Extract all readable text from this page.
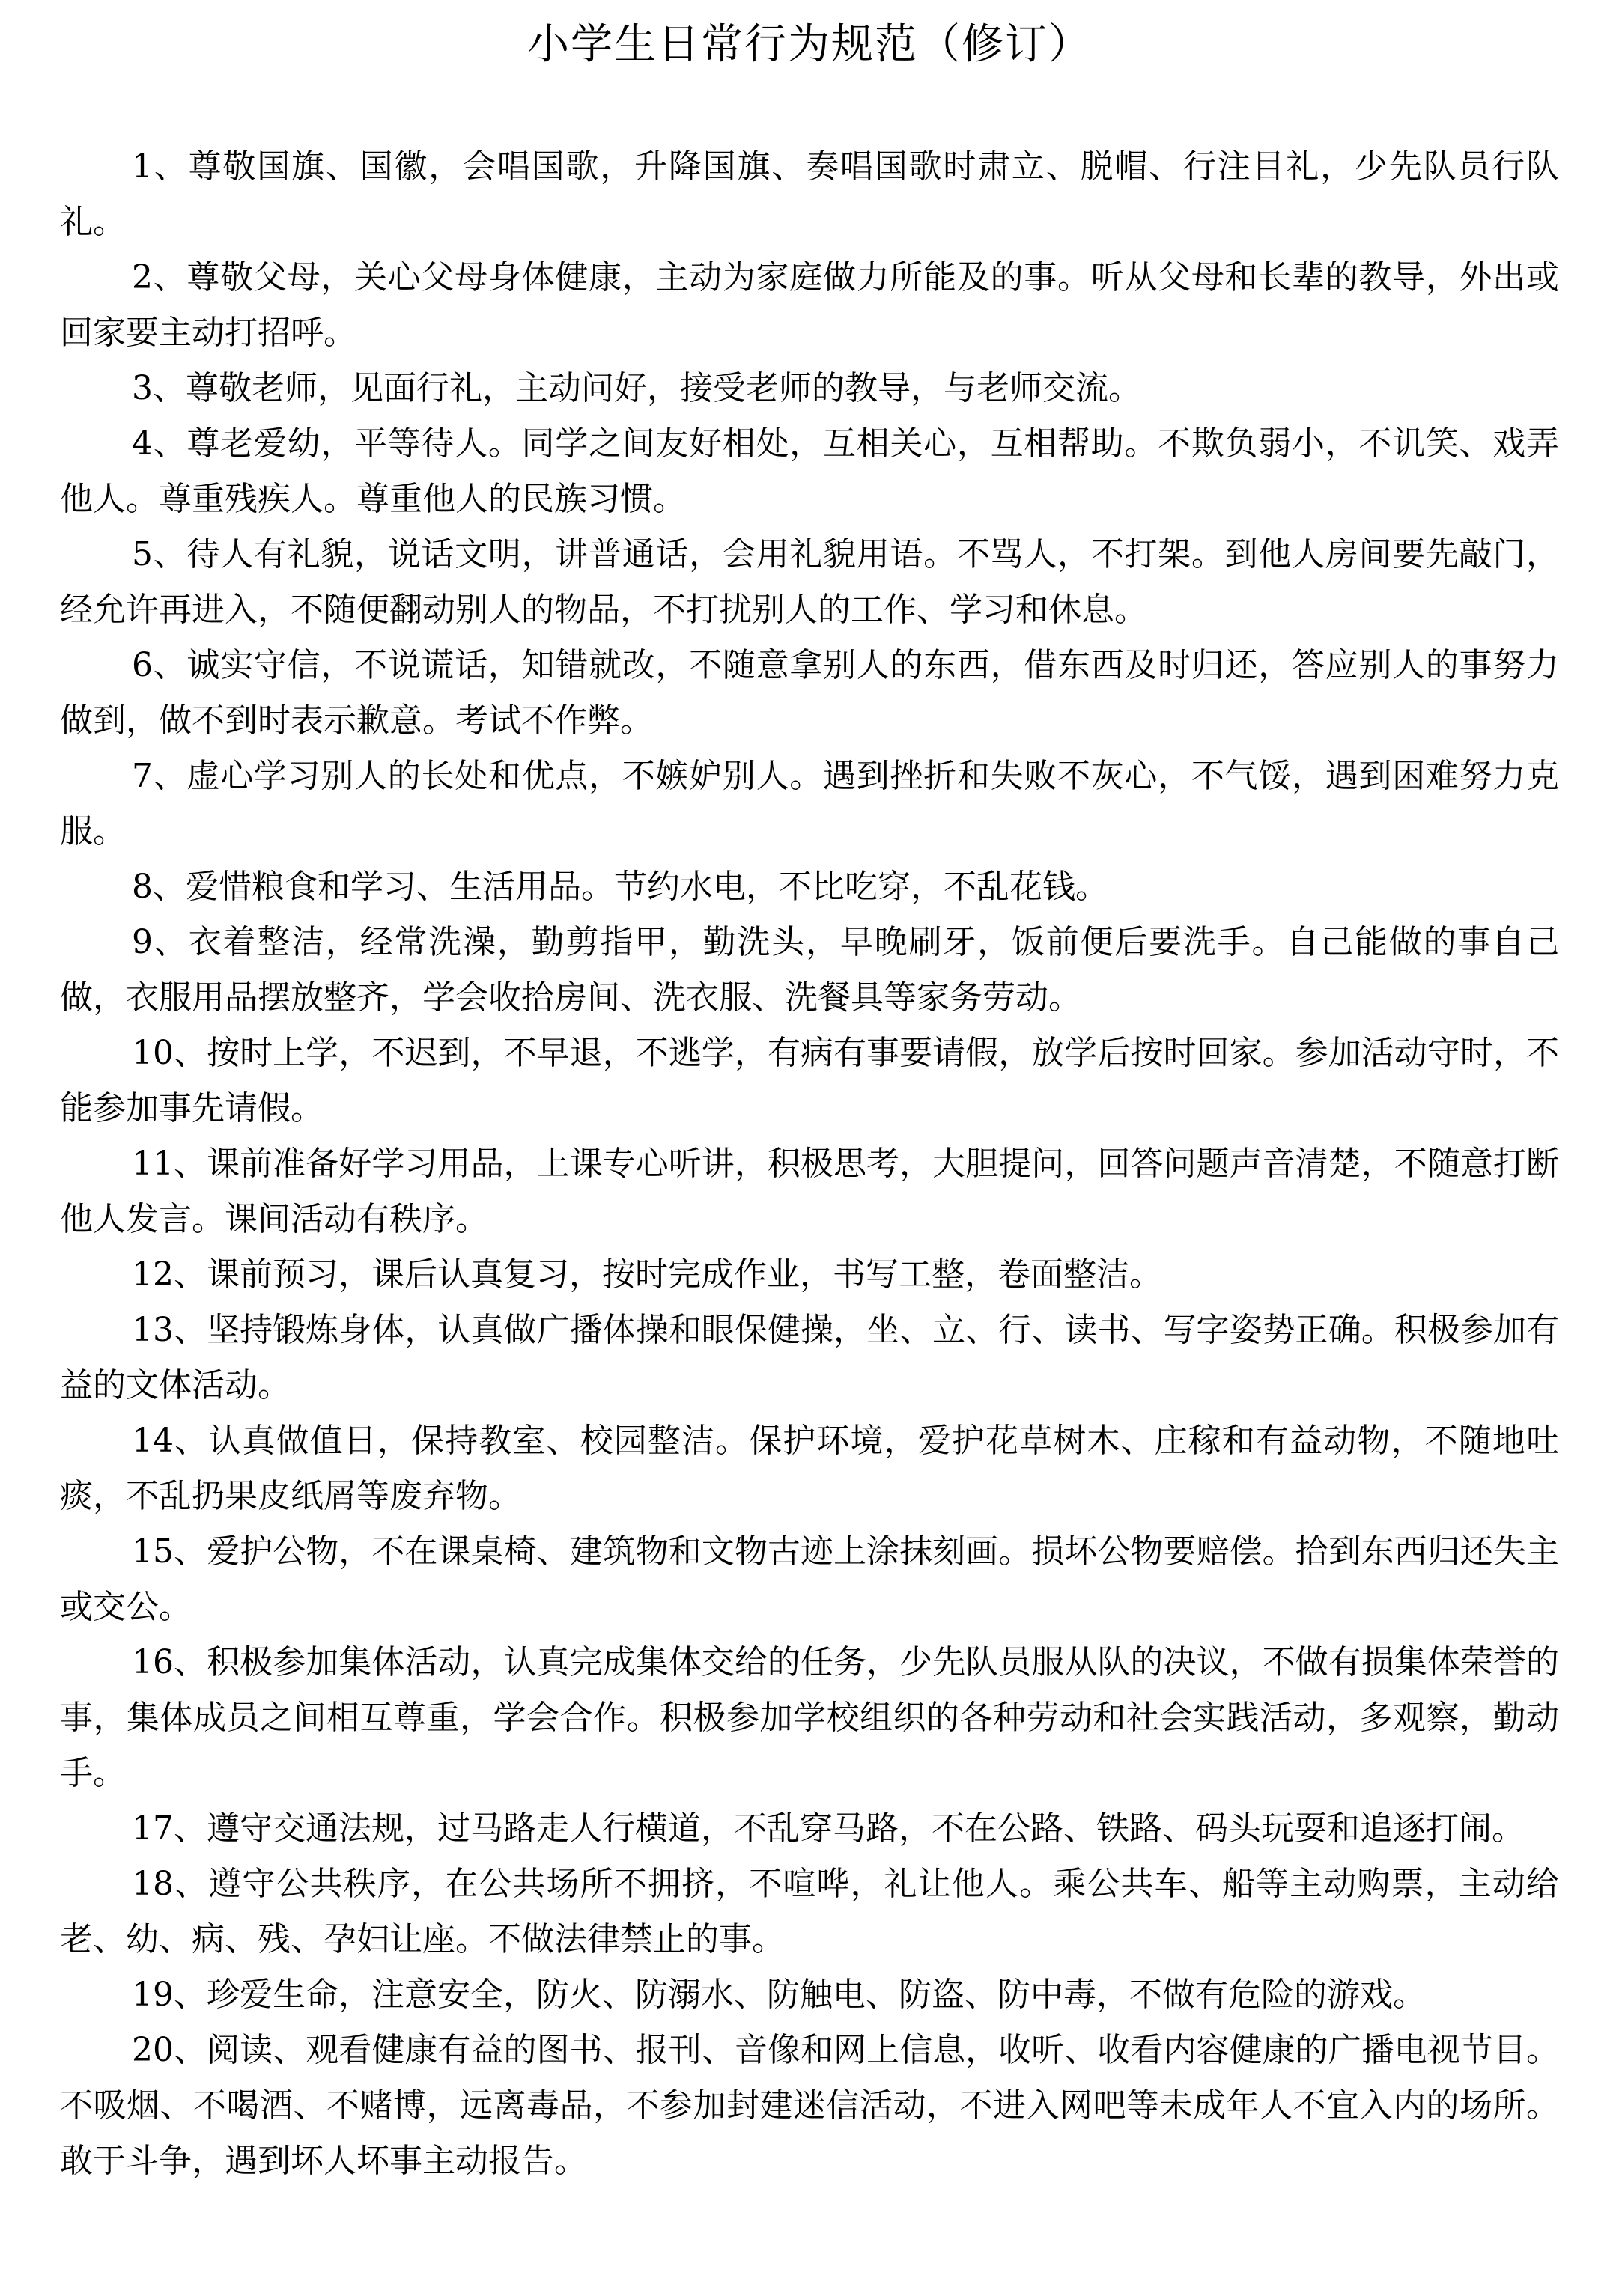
小学生日常行为规范（修订）

1、尊敬国旗、国徽，会唱国歌，升降国旗、奏唱国歌时肃立、脱帽、行注目礼，少先队员行队礼。

2、尊敬父母，关心父母身体健康，主动为家庭做力所能及的事。听从父母和长辈的教导，外出或回家要主动打招呼。

3、尊敬老师，见面行礼，主动问好，接受老师的教导，与老师交流。

4、尊老爱幼，平等待人。同学之间友好相处，互相关心，互相帮助。不欺负弱小，不讥笑、戏弄他人。尊重残疾人。尊重他人的民族习惯。

5、待人有礼貌，说话文明，讲普通话，会用礼貌用语。不骂人，不打架。到他人房间要先敲门，经允许再进入，不随便翻动别人的物品，不打扰别人的工作、学习和休息。

6、诚实守信，不说谎话，知错就改，不随意拿别人的东西，借东西及时归还，答应别人的事努力做到，做不到时表示歉意。考试不作弊。

7、虚心学习别人的长处和优点，不嫉妒别人。遇到挫折和失败不灰心，不气馁，遇到困难努力克服。

8、爱惜粮食和学习、生活用品。节约水电，不比吃穿，不乱花钱。

9、衣着整洁，经常洗澡，勤剪指甲，勤洗头，早晚刷牙，饭前便后要洗手。自己能做的事自己做，衣服用品摆放整齐，学会收拾房间、洗衣服、洗餐具等家务劳动。

10、按时上学，不迟到，不早退，不逃学，有病有事要请假，放学后按时回家。参加活动守时，不能参加事先请假。

11、课前准备好学习用品，上课专心听讲，积极思考，大胆提问，回答问题声音清楚，不随意打断他人发言。课间活动有秩序。

12、课前预习，课后认真复习，按时完成作业，书写工整，卷面整洁。

13、坚持锻炼身体，认真做广播体操和眼保健操，坐、立、行、读书、写字姿势正确。积极参加有益的文体活动。

14、认真做值日，保持教室、校园整洁。保护环境，爱护花草树木、庄稼和有益动物，不随地吐痰，不乱扔果皮纸屑等废弃物。

15、爱护公物，不在课桌椅、建筑物和文物古迹上涂抹刻画。损坏公物要赔偿。拾到东西归还失主或交公。

16、积极参加集体活动，认真完成集体交给的任务，少先队员服从队的决议，不做有损集体荣誉的事，集体成员之间相互尊重，学会合作。积极参加学校组织的各种劳动和社会实践活动，多观察，勤动手。

17、遵守交通法规，过马路走人行横道，不乱穿马路，不在公路、铁路、码头玩耍和追逐打闹。

18、遵守公共秩序，在公共场所不拥挤，不喧哗，礼让他人。乘公共车、船等主动购票，主动给老、幼、病、残、孕妇让座。不做法律禁止的事。

19、珍爱生命，注意安全，防火、防溺水、防触电、防盗、防中毒，不做有危险的游戏。

20、阅读、观看健康有益的图书、报刊、音像和网上信息，收听、收看内容健康的广播电视节目。不吸烟、不喝酒、不赌博，远离毒品，不参加封建迷信活动，不进入网吧等未成年人不宜入内的场所。敢于斗争，遇到坏人坏事主动报告。
